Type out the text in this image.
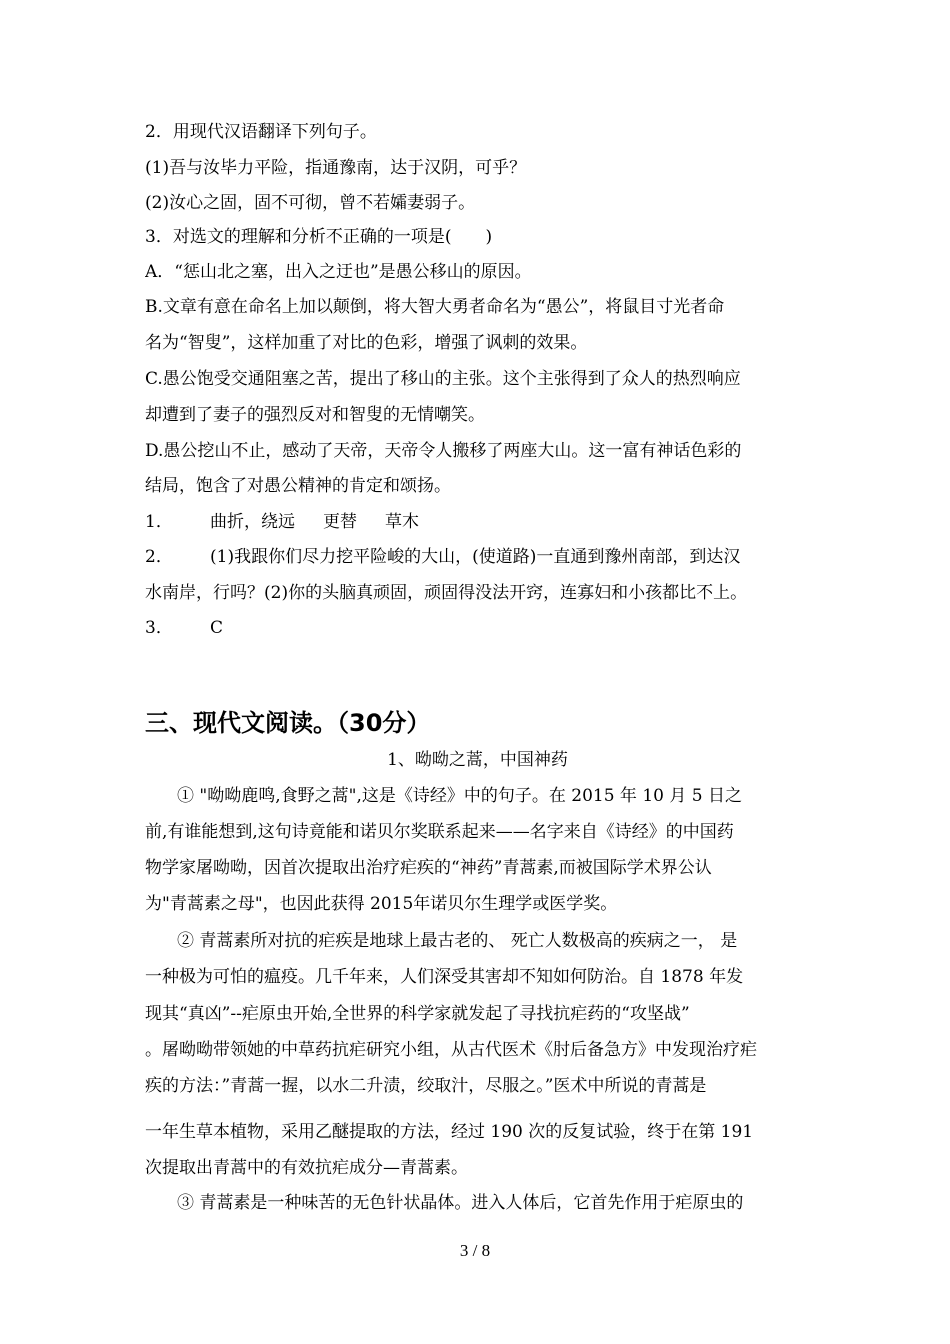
2．用现代汉语翻译下列句子。
(1)吾与汝毕力平险，指通豫南，达于汉阴，可乎？
(2)汝心之固，固不可彻，曾不若孀妻弱子。
3．对选文的理解和分析不正确的一项是(　　)
A．“惩山北之塞，出入之迂也”是愚公移山的原因。
B.文章有意在命名上加以颠倒，将大智大勇者命名为“愚公”，将鼠目寸光者命
名为“智叟”，这样加重了对比的色彩，增强了讽刺的效果。
C.愚公饱受交通阻塞之苦，提出了移山的主张。这个主张得到了众人的热烈响应
却遭到了妻子的强烈反对和智叟的无情嘲笑。
D.愚公挖山不止，感动了天帝，天帝令人搬移了两座大山。这一富有神话色彩的
结局，饱含了对愚公精神的肯定和颂扬。
1． 曲折，绕远 更替 草木
2． (1)我跟你们尽力挖平险峻的大山，(使道路)一直通到豫州南部，到达汉
水南岸，行吗？(2)你的头脑真顽固，顽固得没法开窍，连寡妇和小孩都比不上。
3． C
三、现代文阅读。（30分）
1、呦呦之蒿，中国神药
① "呦呦鹿鸣,食野之蒿",这是《诗经》中的句子。在 2015 年 10 月 5 日之
前,有谁能想到,这句诗竟能和诺贝尔奖联系起来——名字来自《诗经》的中国药
物学家屠呦呦，因首次提取出治疗疟疾的“神药”青蒿素,而被国际学术界公认
为"青蒿素之母"，也因此获得 2015年诺贝尔生理学或医学奖。
② 青蒿素所对抗的疟疾是地球上最古老的、 死亡人数极高的疾病之一， 是
一种极为可怕的瘟疫。几千年来，人们深受其害却不知如何防治。自 1878 年发
现其“真凶”--疟原虫开始,全世界的科学家就发起了寻找抗疟药的“攻坚战”
。屠呦呦带领她的中草药抗疟研究小组，从古代医术《肘后备急方》中发现治疗疟
疾的方法：”青蒿一握，以水二升渍，绞取汁，尽服之。”医术中所说的青蒿是
一年生草本植物，采用乙醚提取的方法，经过 190 次的反复试验，终于在第 191
次提取出青蒿中的有效抗疟成分—青蒿素。
③ 青蒿素是一种味苦的无色针状晶体。进入人体后，它首先作用于疟原虫的
3 / 8
